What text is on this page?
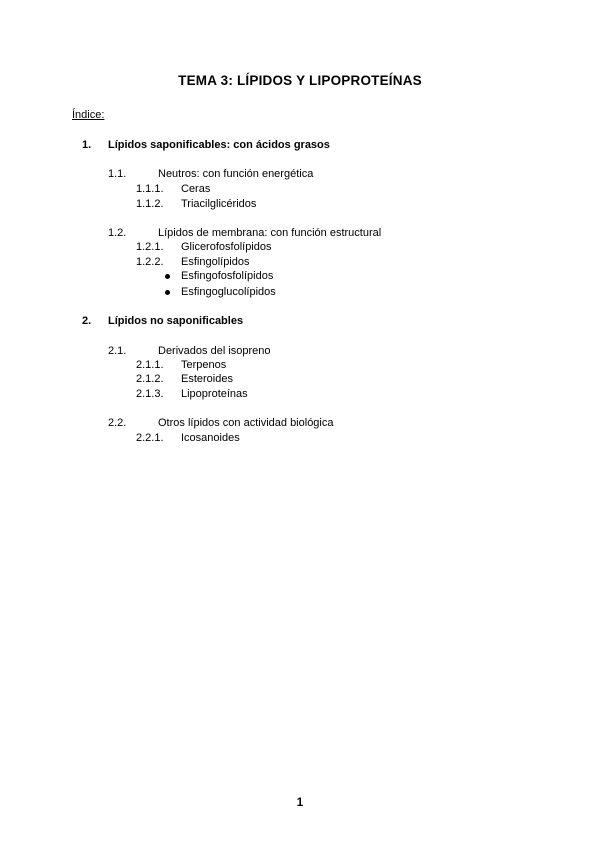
TEMA 3: LÍPIDOS Y LIPOPROTEÍNAS
Índice:
1. Lípidos saponificables: con ácidos grasos
1.1.	Neutros: con función energética
1.1.1. Ceras
1.1.2. Triacilglicéridos
1.2.	Lípidos de membrana: con función estructural
1.2.1. Glicerofosfolípidos
1.2.2. Esfingolípidos
Esfingofosfolípidos
Esfingoglucolípidos
2. Lípidos no saponificables
2.1.	Derivados del isopreno
2.1.1. Terpenos
2.1.2. Esteroides
2.1.3. Lipoproteínas
2.2.	Otros lípidos con actividad biológica
2.2.1. Icosanoides
1
